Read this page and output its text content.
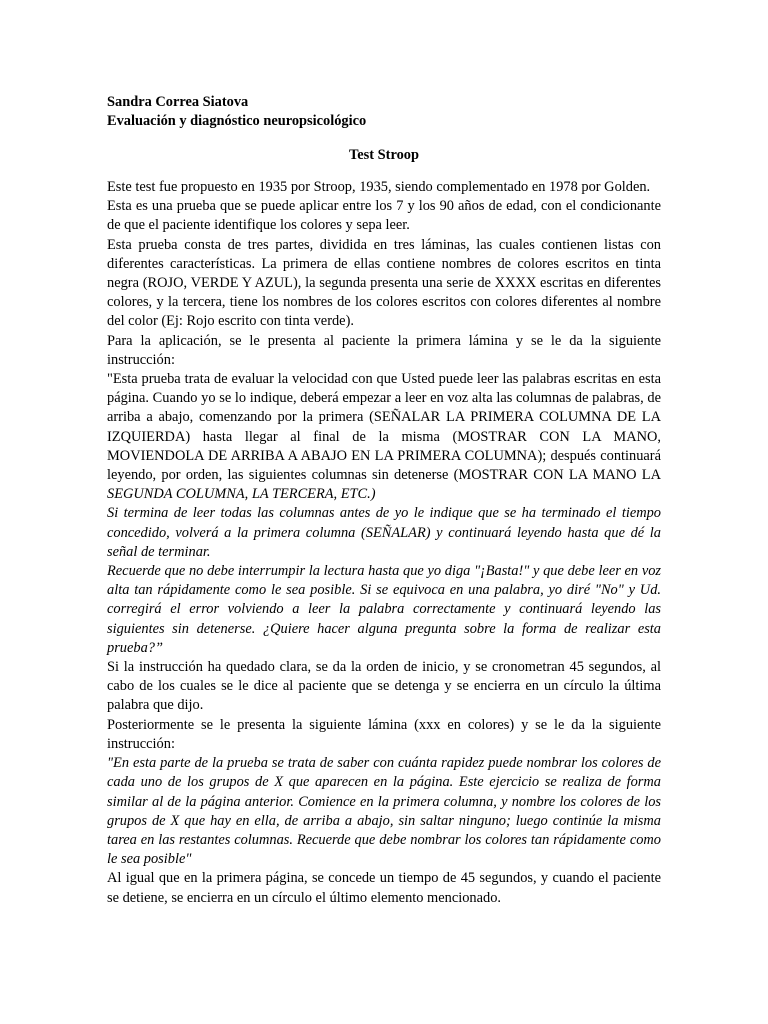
Sandra Correa Siatova
Evaluación y diagnóstico neuropsicológico
Test Stroop

Este test fue propuesto en 1935 por Stroop, 1935, siendo complementado en 1978 por Golden.

Esta es una prueba que se puede aplicar entre los 7 y los 90 años de edad, con el condicionante de que el paciente identifique los colores y sepa leer.

Esta prueba consta de tres partes, dividida en tres láminas, las cuales contienen listas con diferentes características. La primera de ellas contiene nombres de colores escritos en tinta negra (ROJO, VERDE Y AZUL), la segunda presenta una serie de XXXX escritas en diferentes colores, y la tercera, tiene los nombres de los colores escritos con colores diferentes al nombre del color (Ej: Rojo escrito con tinta verde).

Para la aplicación, se le presenta al paciente la primera lámina y se le da la siguiente instrucción:

"Esta prueba trata de evaluar la velocidad con que Usted puede leer las palabras escritas en esta página. Cuando yo se lo indique, deberá empezar a leer en voz alta las columnas de palabras, de arriba a abajo, comenzando por la primera (SEÑALAR LA PRIMERA COLUMNA DE LA IZQUIERDA) hasta llegar al final de la misma (MOSTRAR CON LA MANO, MOVIENDOLA DE ARRIBA A ABAJO EN LA PRIMERA COLUMNA); después continuará leyendo, por orden, las siguientes columnas sin detenerse (MOSTRAR CON LA MANO LA SEGUNDA COLUMNA, LA TERCERA, ETC.)

Si termina de leer todas las columnas antes de yo le indique que se ha terminado el tiempo concedido, volverá a la primera columna (SEÑALAR) y continuará leyendo hasta que dé la señal de terminar.

Recuerde que no debe interrumpir la lectura hasta que yo diga "¡Basta!" y que debe leer en voz alta tan rápidamente como le sea posible. Si se equivoca en una palabra, yo diré "No" y Ud. corregirá el error volviendo a leer la palabra correctamente y continuará leyendo las siguientes sin detenerse. ¿Quiere hacer alguna pregunta sobre la forma de realizar esta prueba?”

Si la instrucción ha quedado clara, se da la orden de inicio, y se cronometran 45 segundos, al cabo de los cuales se le dice al paciente que se detenga y se encierra en un círculo la última palabra que dijo.

Posteriormente se le presenta la siguiente lámina (xxx en colores) y se le da la siguiente instrucción:

"En esta parte de la prueba se trata de saber con cuánta rapidez puede nombrar los colores de cada uno de los grupos de X que aparecen en la página. Este ejercicio se realiza de forma similar al de la página anterior. Comience en la primera columna, y nombre los colores de los grupos de X que hay en ella, de arriba a abajo, sin saltar ninguno; luego continúe la misma tarea en las restantes columnas. Recuerde que debe nombrar los colores tan rápidamente como le sea posible"

Al igual que en la primera página, se concede un tiempo de 45 segundos, y cuando el paciente se detiene, se encierra en un círculo el último elemento mencionado.
